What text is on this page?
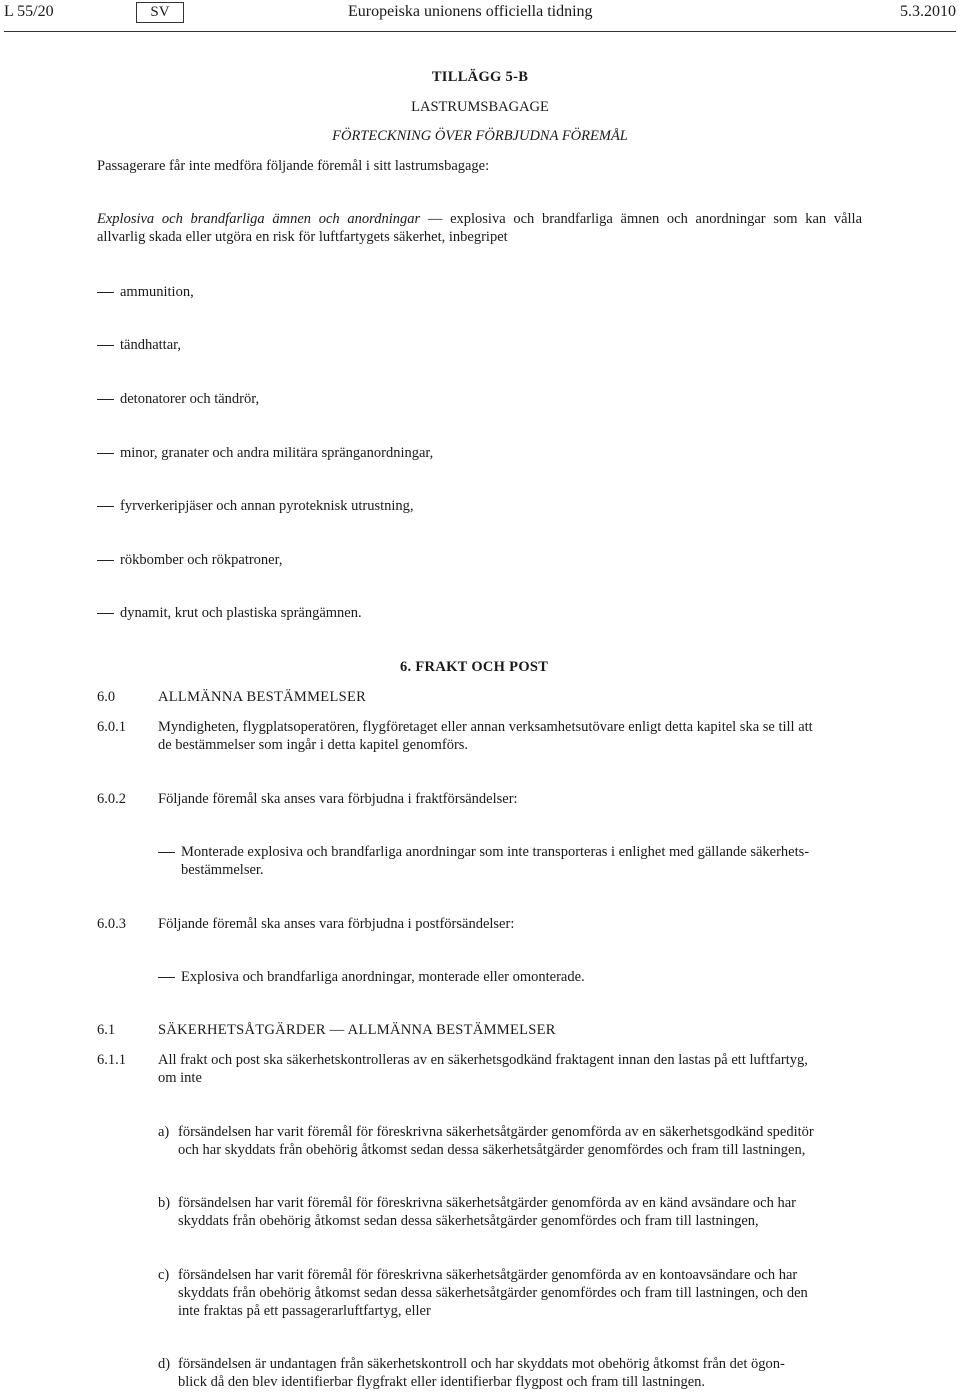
L 55/20	SV	Europeiska unionens officiella tidning	5.3.2010
TILLÄGG 5-B
LASTRUMSBAGAGE
FÖRTECKNING ÖVER FÖRBJUDNA FÖREMÅL
Passagerare får inte medföra följande föremål i sitt lastrumsbagage:
Explosiva och brandfarliga ämnen och anordningar — explosiva och brandfarliga ämnen och anordningar som kan vålla
allvarlig skada eller utgöra en risk för luftfartygets säkerhet, inbegripet
ammunition,
tändhattar,
detonatorer och tändrör,
minor, granater och andra militära spränganordningar,
fyrverkeripjäser och annan pyroteknisk utrustning,
rökbomber och rökpatroner,
dynamit, krut och plastiska sprängämnen.
6. FRAKT OCH POST
6.0	ALLMÄNNA BESTÄMMELSER
6.0.1 Myndigheten, flygplatsoperatören, flygföretaget eller annan verksamhetsutövare enligt detta kapitel ska se till att
de bestämmelser som ingår i detta kapitel genomförs.
6.0.2 Följande föremål ska anses vara förbjudna i fraktförsändelser:
Monterade explosiva och brandfarliga anordningar som inte transporteras i enlighet med gällande säkerhets-
bestämmelser.
6.0.3 Följande föremål ska anses vara förbjudna i postförsändelser:
Explosiva och brandfarliga anordningar, monterade eller omonterade.
6.1	SÄKERHETSÅTGÄRDER — ALLMÄNNA BESTÄMMELSER
6.1.1 All frakt och post ska säkerhetskontrolleras av en säkerhetsgodkänd fraktagent innan den lastas på ett luftfartyg,
om inte
a) försändelsen har varit föremål för föreskrivna säkerhetsåtgärder genomförda av en säkerhetsgodkänd speditör
och har skyddats från obehörig åtkomst sedan dessa säkerhetsåtgärder genomfördes och fram till lastningen,
b) försändelsen har varit föremål för föreskrivna säkerhetsåtgärder genomförda av en känd avsändare och har
skyddats från obehörig åtkomst sedan dessa säkerhetsåtgärder genomfördes och fram till lastningen,
c) försändelsen har varit föremål för föreskrivna säkerhetsåtgärder genomförda av en kontoavsändare och har
skyddats från obehörig åtkomst sedan dessa säkerhetsåtgärder genomfördes och fram till lastningen, och den
inte fraktas på ett passagerarluftfartyg, eller
d) försändelsen är undantagen från säkerhetskontroll och har skyddats mot obehörig åtkomst från det ögon-
blick då den blev identifierbar flygfrakt eller identifierbar flygpost och fram till lastningen.
